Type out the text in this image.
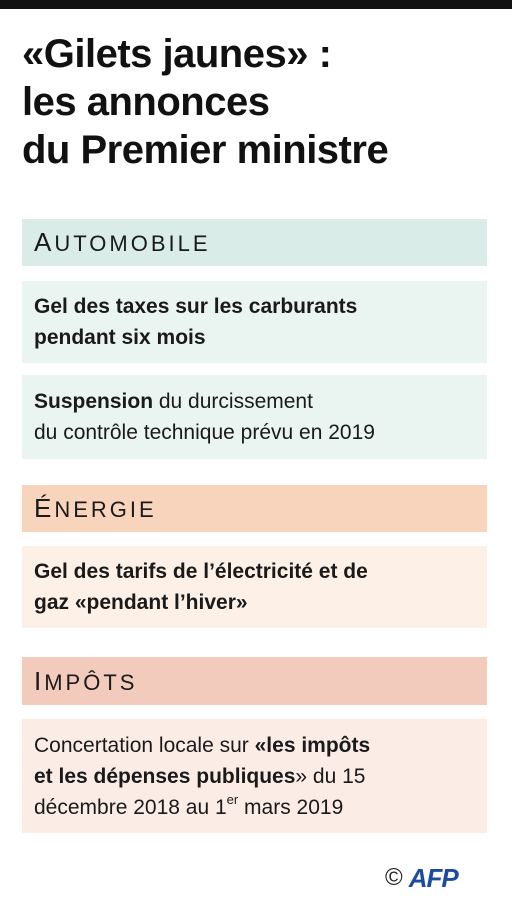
«Gilets jaunes» :
les annonces
du Premier ministre
AUTOMOBILE
Gel des taxes sur les carburants
pendant six mois
Suspension du durcissement
du contrôle technique prévu en 2019
ÉNERGIE
Gel des tarifs de l’électricité et de
gaz «pendant l’hiver»
IMPÔTS
Concertation locale sur «les impôts
et les dépenses publiques» du 15
décembre 2018 au 1er mars 2019
© AFP
